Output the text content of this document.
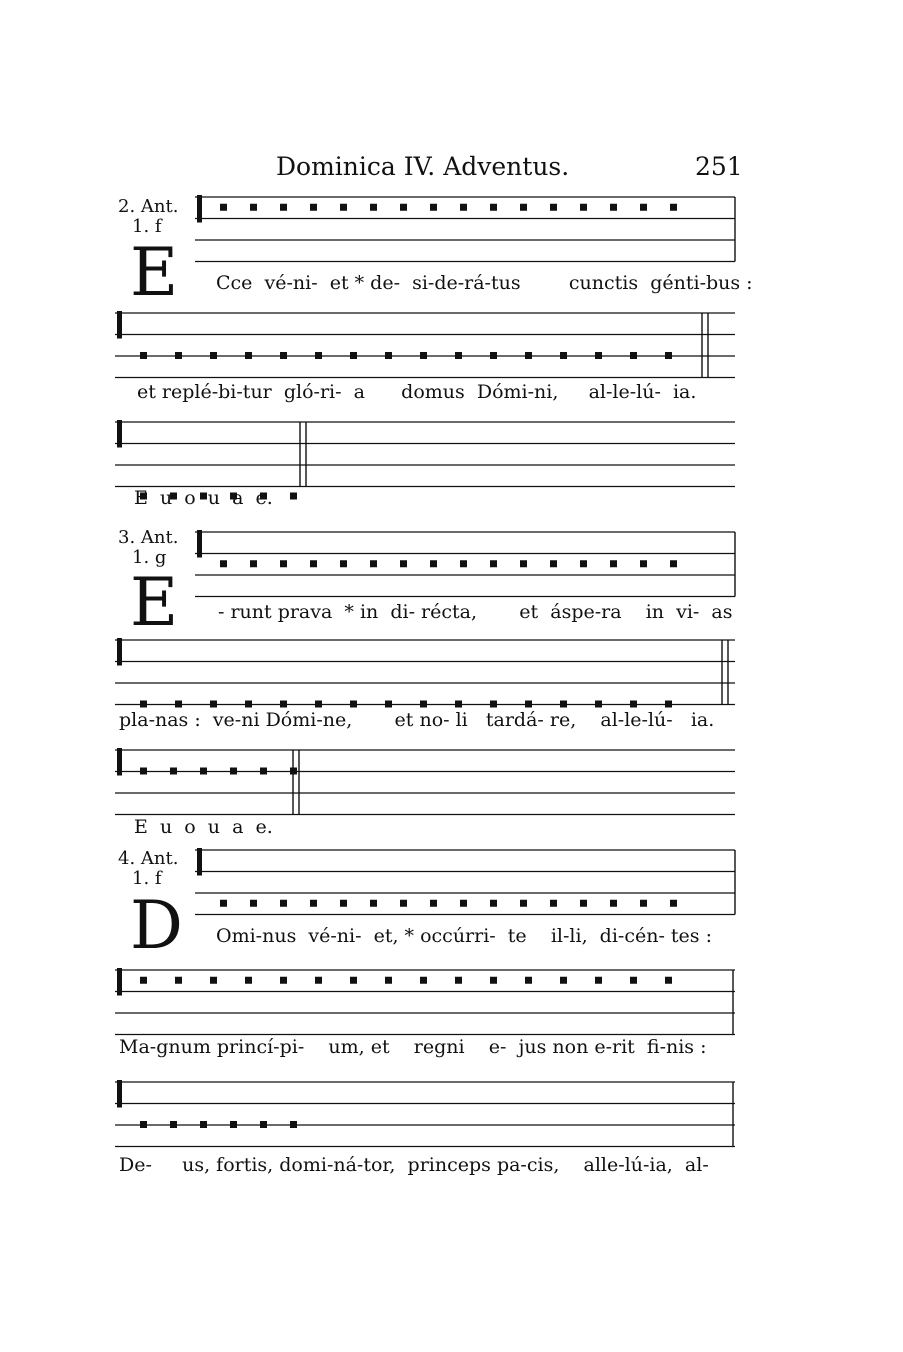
Dominica IV. Adventus.	251
2. Ant.
1. f
E Cce  vé-ni-  et * de-  si-de-rá-tus        cunctis  génti-bus :
et replé-bi-tur  gló-ri-  a      domus  Dómi-ni,     al-le-lú-  ia.
E  u  o  u  a  e.
3. Ant.
1. g
E - runt prava  * in  di- récta,       et  áspe-ra    in  vi-  as
pla-nas :  ve-ni Dómi-ne,       et no- li   tardá- re,    al-le-lú-   ia.
E  u  o  u  a  e.
4. Ant.
1. f
D Omi-nus  vé-ni-  et, * occúrri-  te    il-li,  di-cén- tes :
Ma-gnum princí-pi-    um, et    regni    e-  jus non e-rit  fi-nis :
De-     us, fortis, domi-ná-tor,  princeps pa-cis,    alle-lú-ia,  al-
